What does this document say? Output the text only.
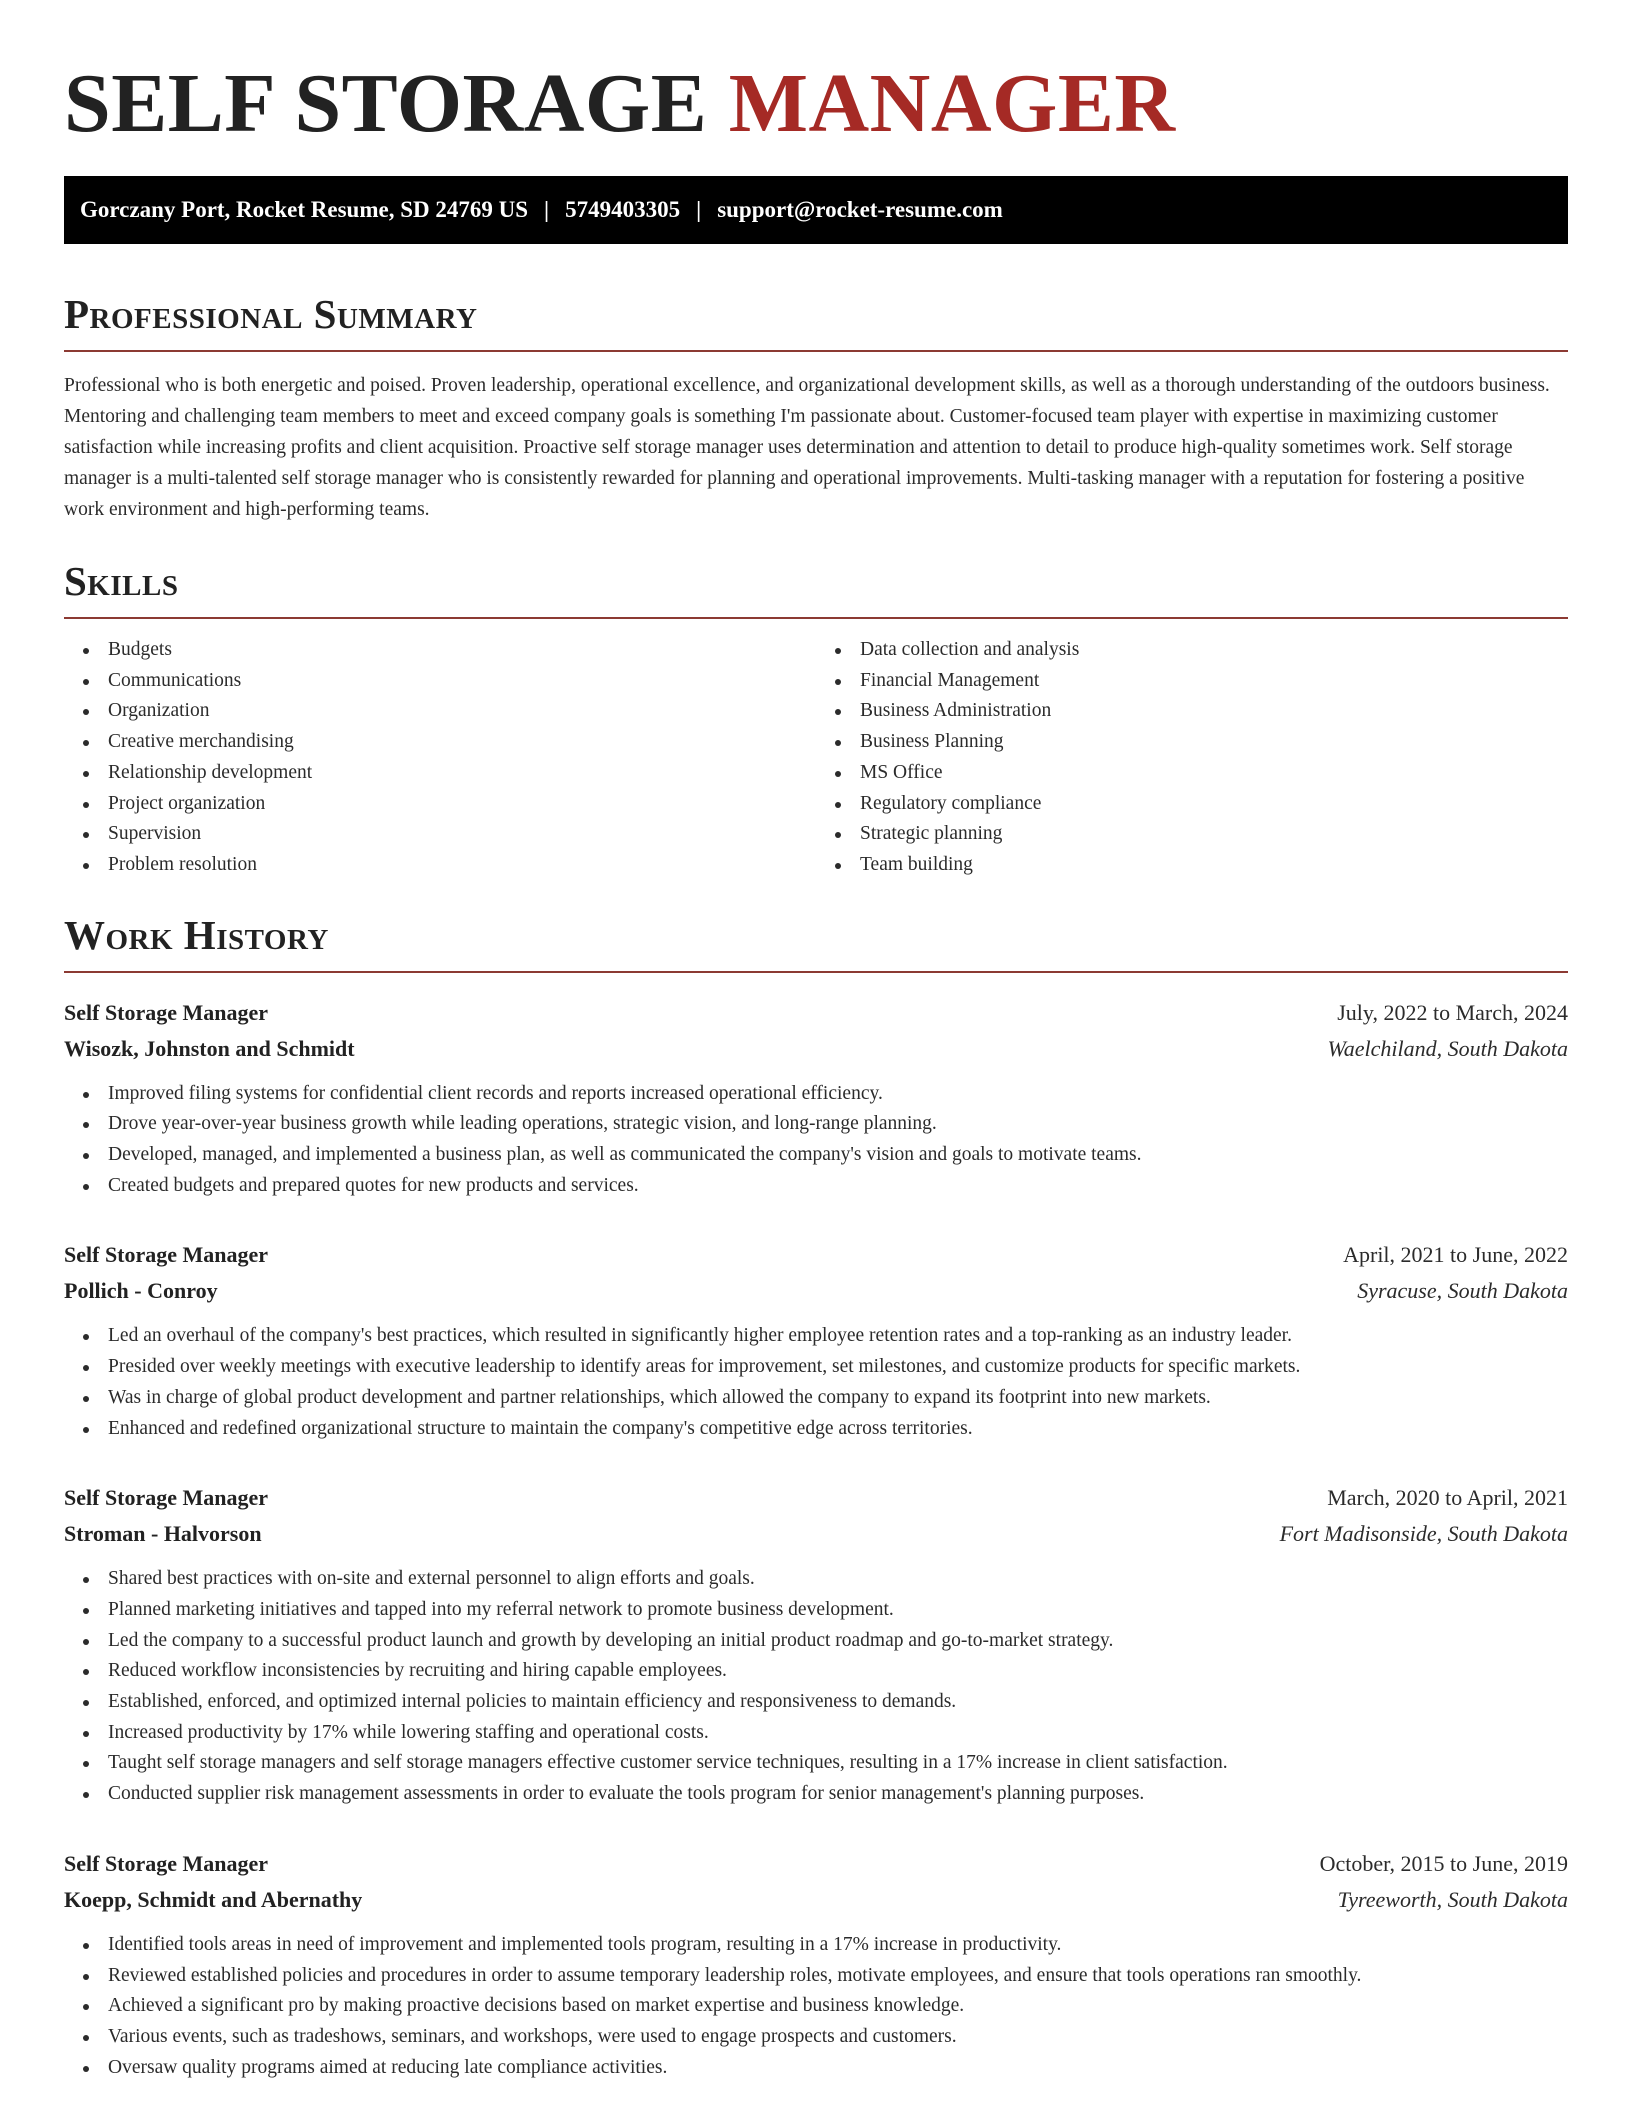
SELF STORAGE MANAGER
Gorczany Port, Rocket Resume, SD 24769 US | 5749403305 | support@rocket-resume.com
Professional Summary

Professional who is both energetic and poised. Proven leadership, operational excellence, and organizational development skills, as well as a thorough understanding of the outdoors business. Mentoring and challenging team members to meet and exceed company goals is something I'm passionate about. Customer-focused team player with expertise in maximizing customer satisfaction while increasing profits and client acquisition. Proactive self storage manager uses determination and attention to detail to produce high-quality sometimes work. Self storage manager is a multi-talented self storage manager who is consistently rewarded for planning and operational improvements. Multi-tasking manager with a reputation for fostering a positive work environment and high-performing teams.

Skills
Budgets
Communications
Organization
Creative merchandising
Relationship development
Project organization
Supervision
Problem resolution
Data collection and analysis
Financial Management
Business Administration
Business Planning
MS Office
Regulatory compliance
Strategic planning
Team building
Work History
Self Storage Manager	July, 2022 to March, 2024
Wisozk, Johnston and Schmidt	Waelchiland, South Dakota
Improved filing systems for confidential client records and reports increased operational efficiency.
Drove year-over-year business growth while leading operations, strategic vision, and long-range planning.
Developed, managed, and implemented a business plan, as well as communicated the company's vision and goals to motivate teams.
Created budgets and prepared quotes for new products and services.
Self Storage Manager	April, 2021 to June, 2022
Pollich - Conroy	Syracuse, South Dakota
Led an overhaul of the company's best practices, which resulted in significantly higher employee retention rates and a top-ranking as an industry leader.
Presided over weekly meetings with executive leadership to identify areas for improvement, set milestones, and customize products for specific markets.
Was in charge of global product development and partner relationships, which allowed the company to expand its footprint into new markets.
Enhanced and redefined organizational structure to maintain the company's competitive edge across territories.
Self Storage Manager	March, 2020 to April, 2021
Stroman - Halvorson	Fort Madisonside, South Dakota
Shared best practices with on-site and external personnel to align efforts and goals.
Planned marketing initiatives and tapped into my referral network to promote business development.
Led the company to a successful product launch and growth by developing an initial product roadmap and go-to-market strategy.
Reduced workflow inconsistencies by recruiting and hiring capable employees.
Established, enforced, and optimized internal policies to maintain efficiency and responsiveness to demands.
Increased productivity by 17% while lowering staffing and operational costs.
Taught self storage managers and self storage managers effective customer service techniques, resulting in a 17% increase in client satisfaction.
Conducted supplier risk management assessments in order to evaluate the tools program for senior management's planning purposes.
Self Storage Manager	October, 2015 to June, 2019
Koepp, Schmidt and Abernathy	Tyreeworth, South Dakota
Identified tools areas in need of improvement and implemented tools program, resulting in a 17% increase in productivity.
Reviewed established policies and procedures in order to assume temporary leadership roles, motivate employees, and ensure that tools operations ran smoothly.
Achieved a significant pro by making proactive decisions based on market expertise and business knowledge.
Various events, such as tradeshows, seminars, and workshops, were used to engage prospects and customers.
Oversaw quality programs aimed at reducing late compliance activities.
